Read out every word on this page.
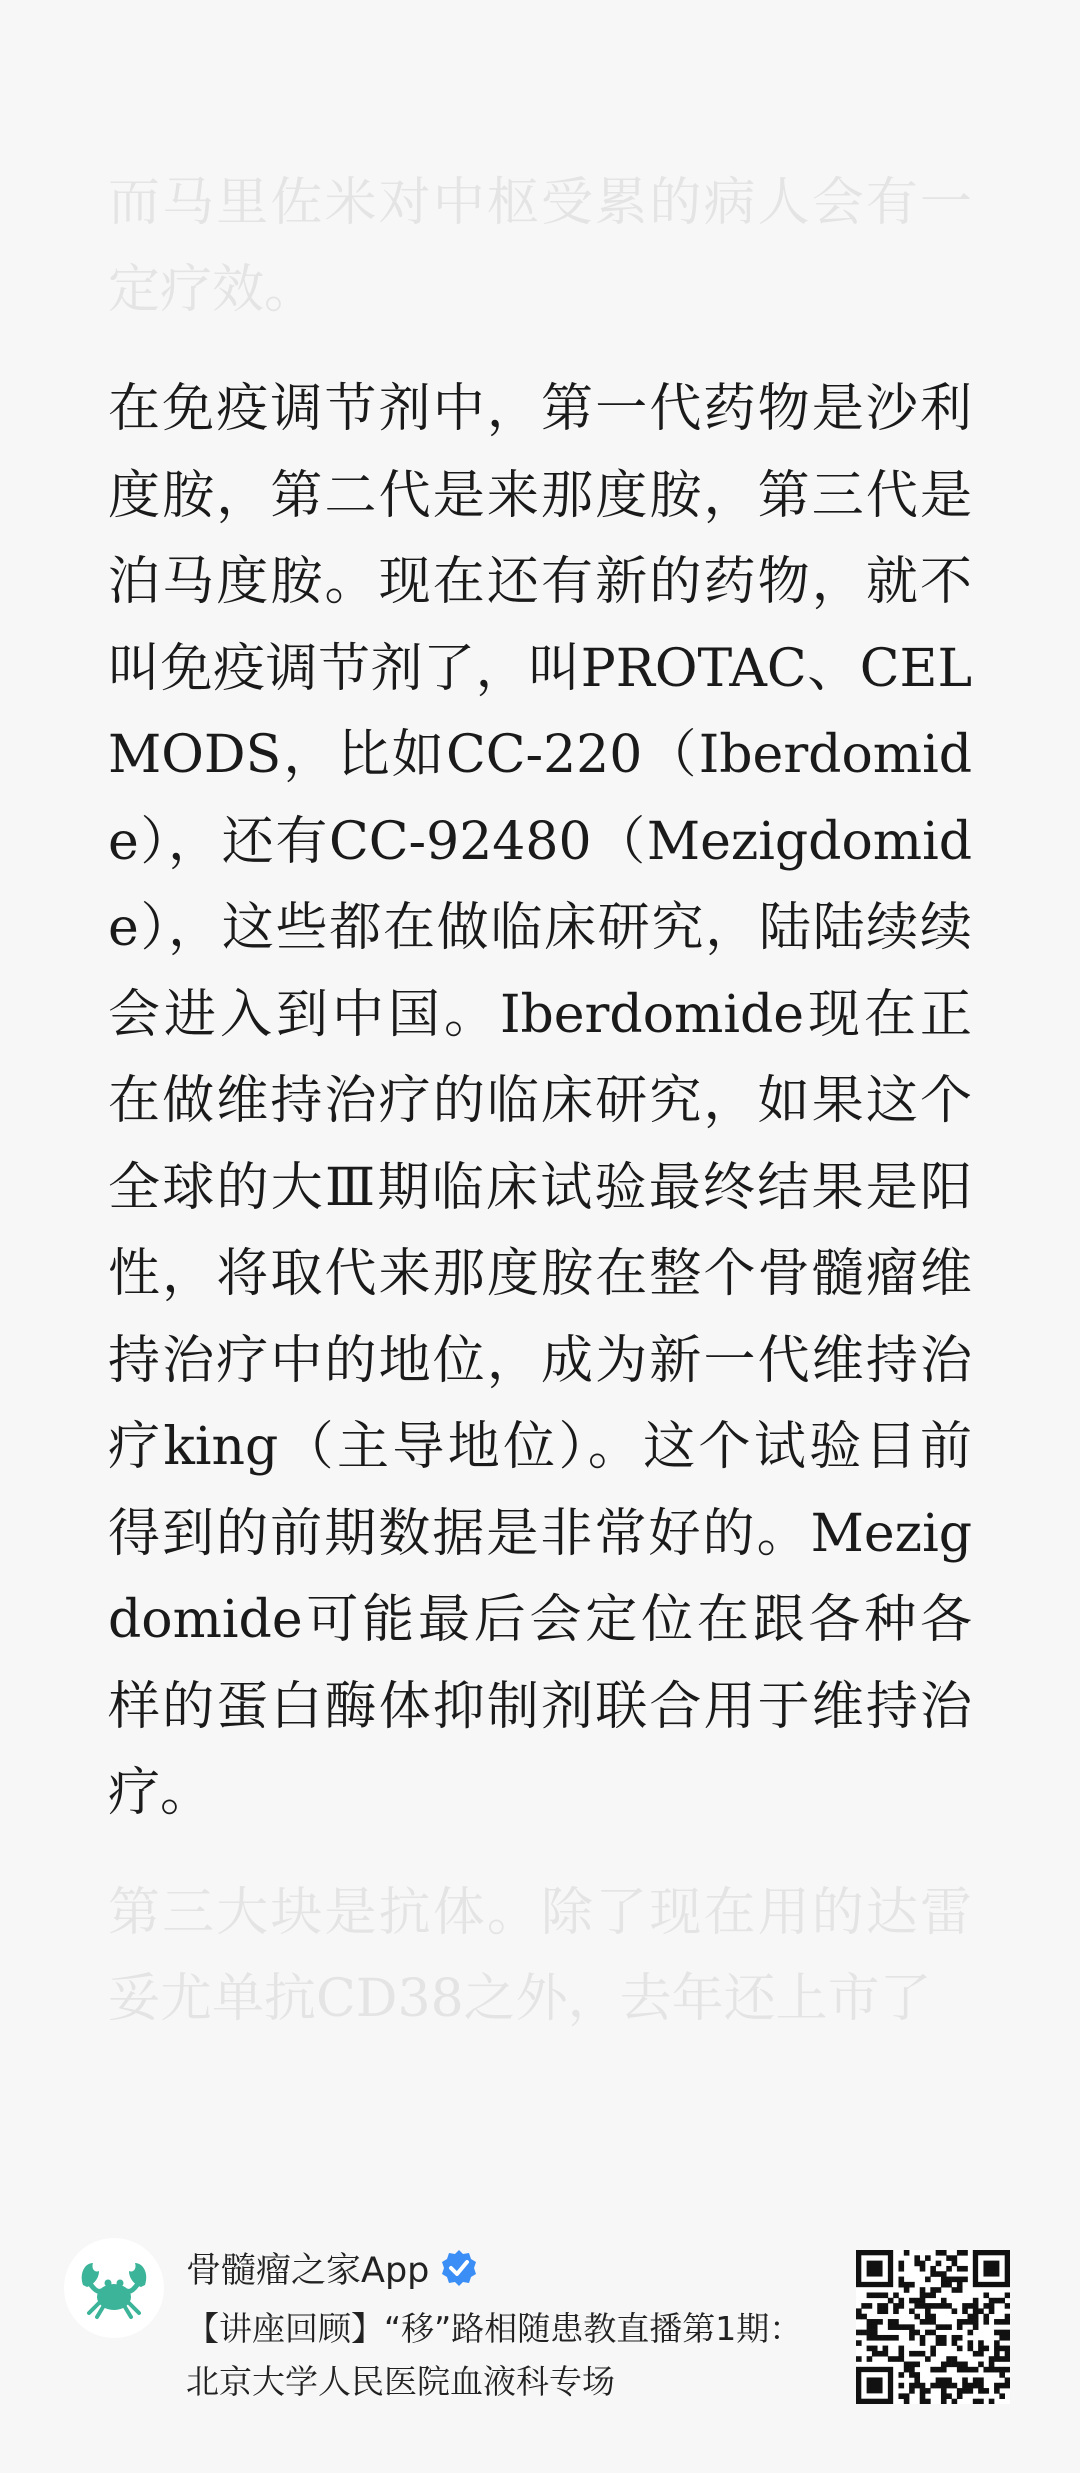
而马里佐米对中枢受累的病人会有一定疗效。

在免疫调节剂中，第一代药物是沙利度胺，第二代是来那度胺，第三代是泊马度胺。现在还有新的药物，就不叫免疫调节剂了，叫PROTAC、CELMODS，比如CC-220（Iberdomide），还有CC-92480（Mezigdomide），这些都在做临床研究，陆陆续续会进入到中国。Iberdomide现在正在做维持治疗的临床研究，如果这个全球的大Ⅲ期临床试验最终结果是阳性，将取代来那度胺在整个骨髓瘤维持治疗中的地位，成为新一代维持治疗king（主导地位）。这个试验目前得到的前期数据是非常好的。Mezigdomide可能最后会定位在跟各种各样的蛋白酶体抑制剂联合用于维持治疗。

第三大块是抗体。除了现在用的达雷妥尤单抗CD38之外，去年还上市了

骨髓瘤之家App

【讲座回顾】“移”路相随患教直播第1期：北京大学人民医院血液科专场
